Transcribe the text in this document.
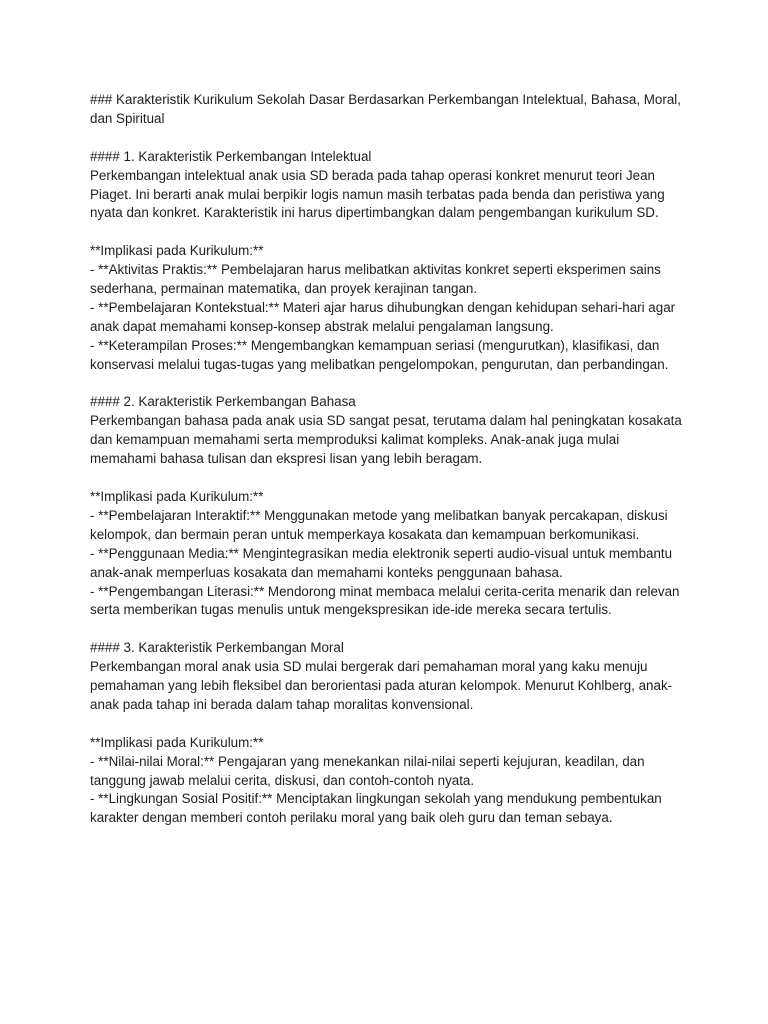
### Karakteristik Kurikulum Sekolah Dasar Berdasarkan Perkembangan Intelektual, Bahasa, Moral, dan Spiritual

#### 1. Karakteristik Perkembangan Intelektual

Perkembangan intelektual anak usia SD berada pada tahap operasi konkret menurut teori Jean Piaget. Ini berarti anak mulai berpikir logis namun masih terbatas pada benda dan peristiwa yang nyata dan konkret. Karakteristik ini harus dipertimbangkan dalam pengembangan kurikulum SD.

**Implikasi pada Kurikulum:**

- **Aktivitas Praktis:** Pembelajaran harus melibatkan aktivitas konkret seperti eksperimen sains sederhana, permainan matematika, dan proyek kerajinan tangan.

- **Pembelajaran Kontekstual:** Materi ajar harus dihubungkan dengan kehidupan sehari-hari agar anak dapat memahami konsep-konsep abstrak melalui pengalaman langsung.

- **Keterampilan Proses:** Mengembangkan kemampuan seriasi (mengurutkan), klasifikasi, dan konservasi melalui tugas-tugas yang melibatkan pengelompokan, pengurutan, dan perbandingan.

#### 2. Karakteristik Perkembangan Bahasa

Perkembangan bahasa pada anak usia SD sangat pesat, terutama dalam hal peningkatan kosakata dan kemampuan memahami serta memproduksi kalimat kompleks. Anak-anak juga mulai memahami bahasa tulisan dan ekspresi lisan yang lebih beragam.

**Implikasi pada Kurikulum:**

- **Pembelajaran Interaktif:** Menggunakan metode yang melibatkan banyak percakapan, diskusi kelompok, dan bermain peran untuk memperkaya kosakata dan kemampuan berkomunikasi.

- **Penggunaan Media:** Mengintegrasikan media elektronik seperti audio-visual untuk membantu anak-anak memperluas kosakata dan memahami konteks penggunaan bahasa.

- **Pengembangan Literasi:** Mendorong minat membaca melalui cerita-cerita menarik dan relevan serta memberikan tugas menulis untuk mengekspresikan ide-ide mereka secara tertulis.

#### 3. Karakteristik Perkembangan Moral

Perkembangan moral anak usia SD mulai bergerak dari pemahaman moral yang kaku menuju pemahaman yang lebih fleksibel dan berorientasi pada aturan kelompok. Menurut Kohlberg, anak-anak pada tahap ini berada dalam tahap moralitas konvensional.

**Implikasi pada Kurikulum:**

- **Nilai-nilai Moral:** Pengajaran yang menekankan nilai-nilai seperti kejujuran, keadilan, dan tanggung jawab melalui cerita, diskusi, dan contoh-contoh nyata.

- **Lingkungan Sosial Positif:** Menciptakan lingkungan sekolah yang mendukung pembentukan karakter dengan memberi contoh perilaku moral yang baik oleh guru dan teman sebaya.
